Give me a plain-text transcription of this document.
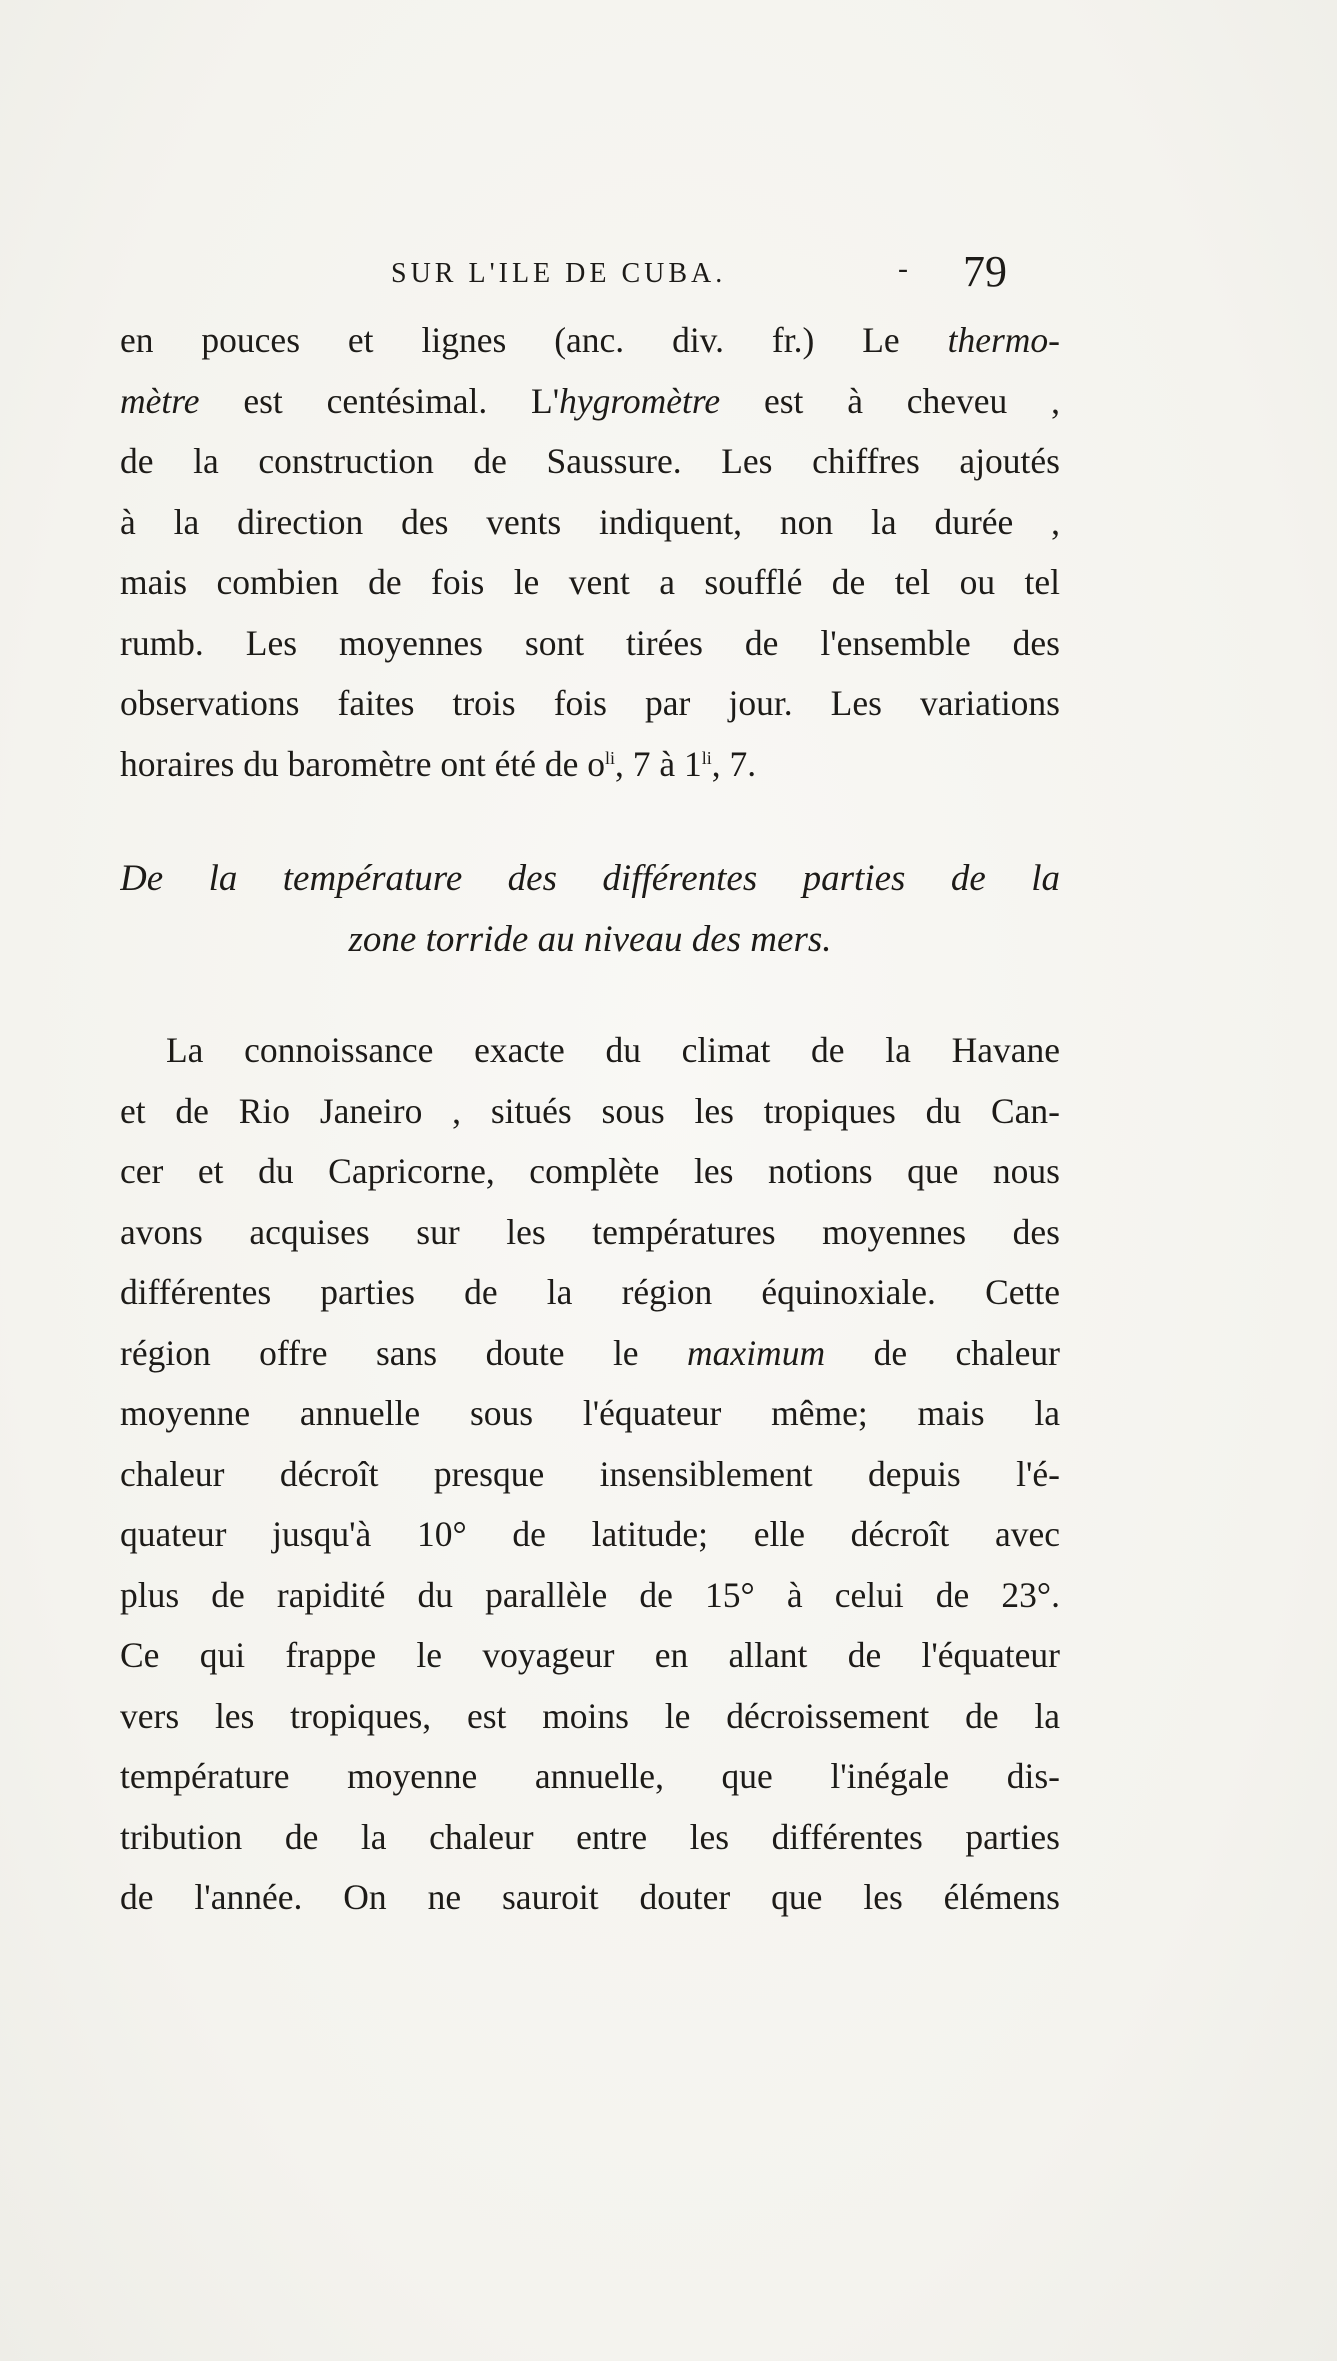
SUR L'ILE DE CUBA.	- 79
en pouces et lignes (anc. div. fr.) Le thermo-
mètre est centésimal. L'hygromètre est à cheveu ,
de la construction de Saussure. Les chiffres ajoutés
à la direction des vents indiquent, non la durée ,
mais combien de fois le vent a soufflé de tel ou tel
rumb. Les moyennes sont tirées de l'ensemble des
observations faites trois fois par jour. Les variations
horaires du baromètre ont été de $o^{li}$, 7 à $1^{li}$, 7.
De la température des différentes parties de la
zone torride au niveau des mers.
La connoissance exacte du climat de la Havane
et de Rio Janeiro , situés sous les tropiques du Can-
cer et du Capricorne, complète les notions que nous
avons acquises sur les températures moyennes des
différentes parties de la région équinoxiale. Cette
région offre sans doute le maximum de chaleur
moyenne annuelle sous l'équateur même; mais la
chaleur décroît presque insensiblement depuis l'é-
quateur jusqu'à 10° de latitude; elle décroît avec
plus de rapidité du parallèle de 15° à celui de 23°.
Ce qui frappe le voyageur en allant de l'équateur
vers les tropiques, est moins le décroissement de la
température moyenne annuelle, que l'inégale dis-
tribution de la chaleur entre les différentes parties
de l'année. On ne sauroit douter que les élémens
